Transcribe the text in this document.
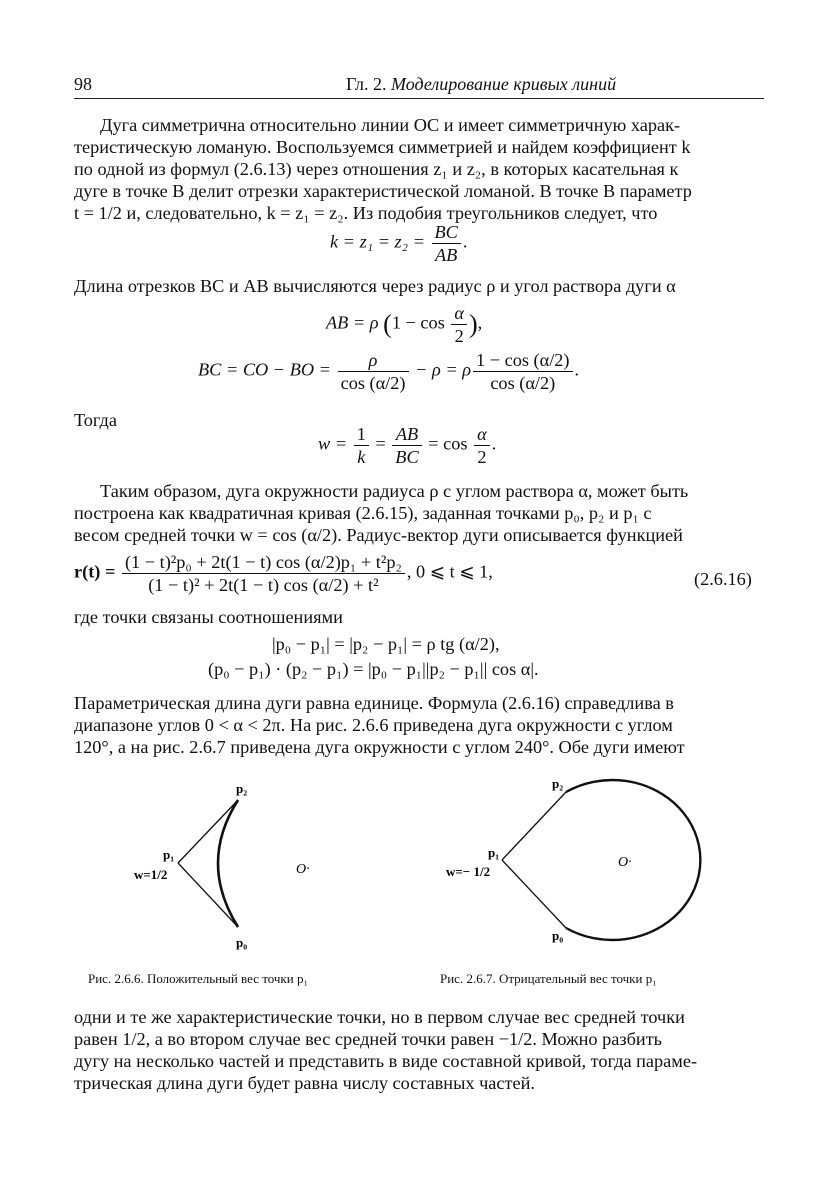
98	Гл. 2. Моделирование кривых линий
Дуга симметрична относительно линии OC и имеет симметричную харак-
теристическую ломаную. Воспользуемся симметрией и найдем коэффициент k
по одной из формул (2.6.13) через отношения z₁ и z₂, в которых касательная к
дуге в точке B делит отрезки характеристической ломаной. В точке B параметр
t = 1/2 и, следовательно, k = z₁ = z₂. Из подобия треугольников следует, что
$k = z_1 = z_2 = \frac{BC}{AB}$ .
Длина отрезков BC и AB вычисляются через радиус ρ и угол раствора дуги α
AB = ρ ($1 - \cos \frac{\alpha}{2}$ ),
BC = CO − BO = $\frac{\rho}{\cos (\alpha/2)} - \rho = \rho \frac{1 - \cos (\alpha/2)}{\cos (\alpha/2)}$ .
Тогда
$w = \frac{1}{k} = \frac{AB}{BC} = \cos \frac{\alpha}{2}$ .
Таким образом, дуга окружности радиуса ρ с углом раствора α, может быть
построена как квадратичная кривая (2.6.15), заданная точками p₀, p₂ и p₁ с
весом средней точки w = cos (α/2). Радиус-вектор дуги описывается функцией
$r(t) = \frac{\text{(1 − t)²p₀ + 2t(1 − t) cos (α/2)p₁ + t²p₂}}{\text{(1 − t)² + 2t(1 − t) cos (α/2) + t²}}$ , 0 ⩽ t ⩽ 1,	(2.6.16)
где точки связаны соотношениями
|p₀ − p₁| = |p₂ − p₁| = ρ tg (α/2),
(p₀ − p₁) · (p₂ − p₁) = |p₀ − p₁||p₂ − p₁|| cos α|.
Параметрическая длина дуги равна единице. Формула (2.6.16) справедлива в
диапазоне углов 0 < α < 2π. На рис. 2.6.6 приведена дуга окружности с углом
120°, а на рис. 2.6.7 приведена дуга окружности с углом 240°. Обе дуги имеют
p₂
p₁
w=1/2
p₀
O·
Рис. 2.6.6. Положительный вес точки p₁
p₂
p₁
w=− 1/2
p₀
O·
Рис. 2.6.7. Отрицательный вес точки p₁
одни и те же характеристические точки, но в первом случае вес средней точки
равен 1/2, а во втором случае вес средней точки равен −1/2. Можно разбить
дугу на несколько частей и представить в виде составной кривой, тогда параме-
трическая длина дуги будет равна числу составных частей.
